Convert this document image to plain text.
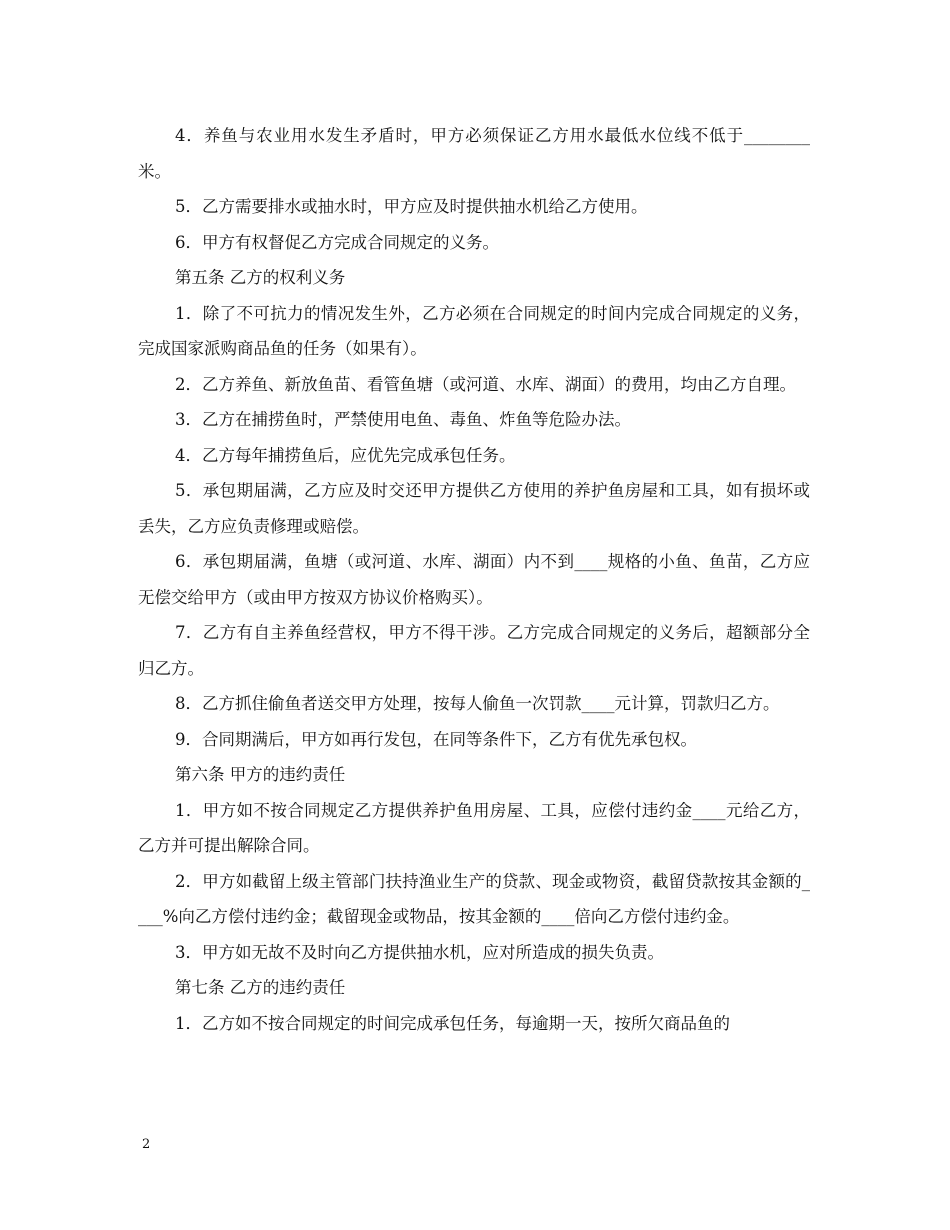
4．养鱼与农业用水发生矛盾时，甲方必须保证乙方用水最低水位线不低于________米。

5．乙方需要排水或抽水时，甲方应及时提供抽水机给乙方使用。

6．甲方有权督促乙方完成合同规定的义务。

第五条 乙方的权利义务

1．除了不可抗力的情况发生外，乙方必须在合同规定的时间内完成合同规定的义务，完成国家派购商品鱼的任务（如果有）。

2．乙方养鱼、新放鱼苗、看管鱼塘（或河道、水库、湖面）的费用，均由乙方自理。

3．乙方在捕捞鱼时，严禁使用电鱼、毒鱼、炸鱼等危险办法。

4．乙方每年捕捞鱼后，应优先完成承包任务。

5．承包期届满，乙方应及时交还甲方提供乙方使用的养护鱼房屋和工具，如有损坏或丢失，乙方应负责修理或赔偿。

6．承包期届满，鱼塘（或河道、水库、湖面）内不到____规格的小鱼、鱼苗，乙方应无偿交给甲方（或由甲方按双方协议价格购买）。

7．乙方有自主养鱼经营权，甲方不得干涉。乙方完成合同规定的义务后，超额部分全归乙方。

8．乙方抓住偷鱼者送交甲方处理，按每人偷鱼一次罚款____元计算，罚款归乙方。

9．合同期满后，甲方如再行发包，在同等条件下，乙方有优先承包权。

第六条 甲方的违约责任

1．甲方如不按合同规定乙方提供养护鱼用房屋、工具，应偿付违约金____元给乙方，乙方并可提出解除合同。

2．甲方如截留上级主管部门扶持渔业生产的贷款、现金或物资，截留贷款按其金额的____%向乙方偿付违约金；截留现金或物品，按其金额的____倍向乙方偿付违约金。

3．甲方如无故不及时向乙方提供抽水机，应对所造成的损失负责。

第七条 乙方的违约责任

1．乙方如不按合同规定的时间完成承包任务，每逾期一天，按所欠商品鱼的

2
